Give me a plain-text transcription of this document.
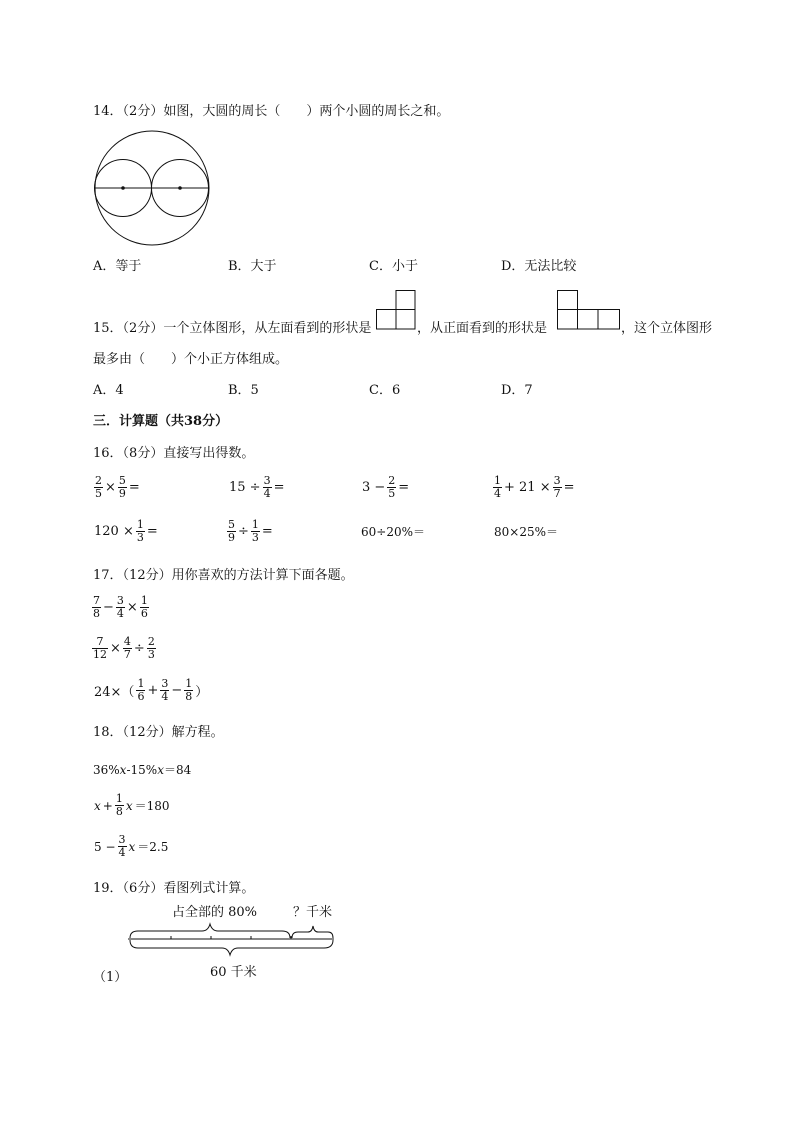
14．（2分）如图，大圆的周长（　　）两个小圆的周长之和。
A．等于	B．大于	C．小于	D．无法比较
15．（2分）一个立体图形，从左面看到的形状是	，从正面看到的形状是	，这个立体图形
最多由（　　）个小正方体组成。
A．4	B．5	C．6	D．7
三．计算题（共38分）
16．（8分）直接写出得数。
$\frac{2}{5} \times \frac{5}{9}$ =	$15 \div \frac{3}{4}$ =	$3 - \frac{2}{5}$ =	$\frac{1}{4} + 21 \times \frac{3}{7}$ =
$120 \times \frac{1}{3}$ =	$\frac{5}{9} \div \frac{1}{3}$ =	60÷20%＝	80×25%＝
17．（12分）用你喜欢的方法计算下面各题。
$\frac{7}{8} - \frac{3}{4} \times \frac{1}{6}$
$\frac{7}{12} \times \frac{4}{7} \div \frac{2}{3}$
$24\times( \frac{1}{6} + \frac{3}{4} - \frac{1}{8}$ ）
18．（12分）解方程。
36%x-15%x＝84
$x + \frac{1}{8}$ x ＝180
$5 - \frac{3}{4}$ x ＝2.5
19．（6分）看图列式计算。
占全部的 80%	？千米
60 千米
（1）
